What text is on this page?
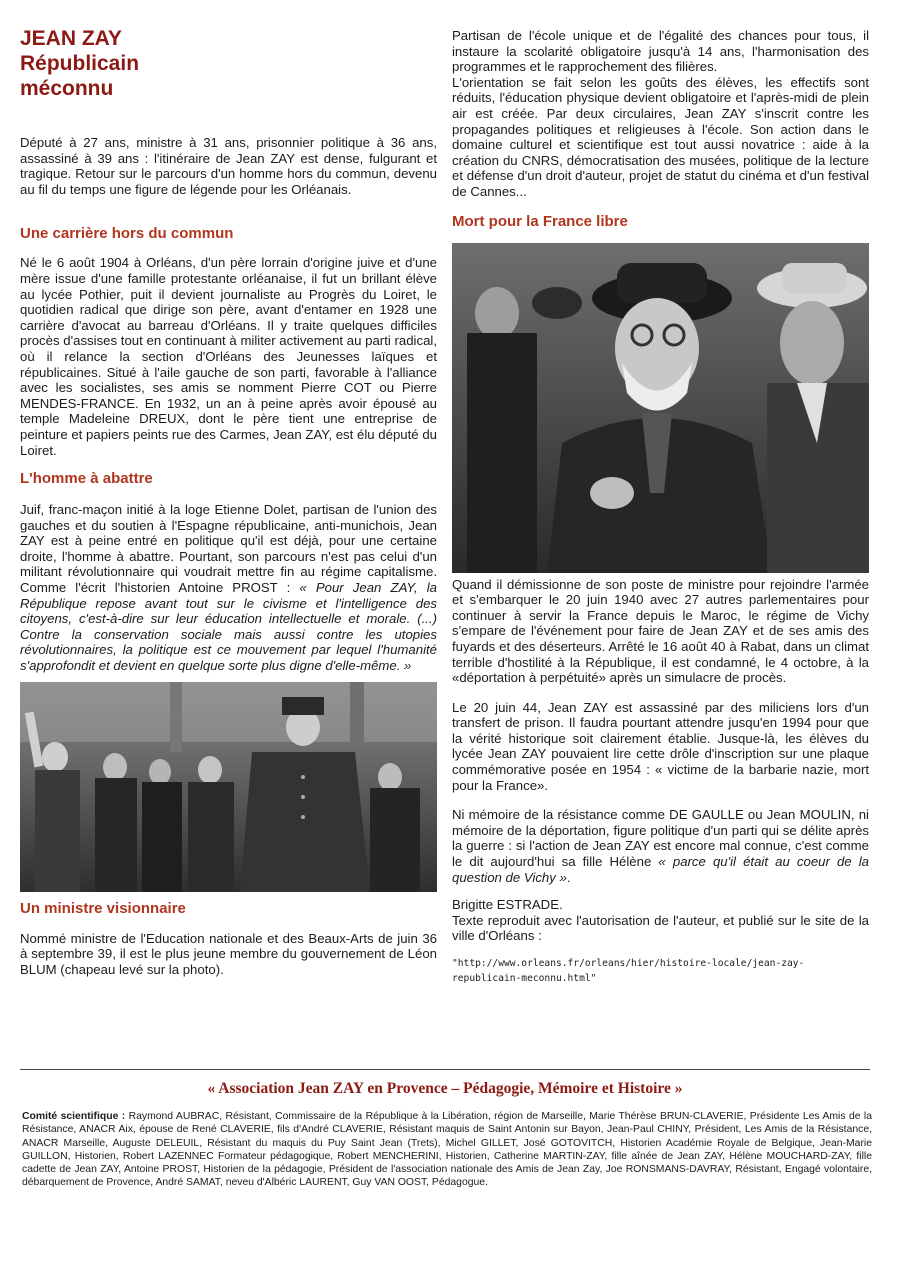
JEAN ZAY
Républicain
méconnu

Député à 27 ans, ministre à 31 ans, prisonnier politique à 36 ans, assassiné à 39 ans : l'itinéraire de Jean ZAY est dense, fulgurant et tragique. Retour sur le parcours d'un homme hors du commun, devenu au fil du temps une figure de légende pour les Orléanais.

Une carrière hors du commun

Né le 6 août 1904 à Orléans, d'un père lorrain d'origine juive et d'une mère issue d'une famille protestante orléanaise, il fut un brillant élève au lycée Pothier, puit il devient journaliste au Progrès du Loiret, le quotidien radical que dirige son père, avant d'entamer en 1928 une carrière d'avocat au barreau d'Orléans. Il y traite quelques difficiles procès d'assises tout en continuant à militer activement au parti radical, où il relance la section d'Orléans des Jeunesses laïques et républicaines. Situé à l'aile gauche de son parti, favorable à l'alliance avec les socialistes, ses amis se nomment Pierre COT ou Pierre MENDES-FRANCE. En 1932, un an à peine après avoir épousé au temple Madeleine DREUX, dont le père tient une entreprise de peinture et papiers peints rue des Carmes, Jean ZAY, est élu député du Loiret.

L'homme à abattre

Juif, franc-maçon initié à la loge Etienne Dolet, partisan de l'union des gauches et du soutien à l'Espagne républicaine, anti-munichois, Jean ZAY est à peine entré en politique qu'il est déjà, pour une certaine droite, l'homme à abattre. Pourtant, son parcours n'est pas celui d'un militant révolutionnaire qui voudrait mettre fin au régime capitalisme. Comme l'écrit l'historien Antoine PROST : « Pour Jean ZAY, la République repose avant tout sur le civisme et l'intelligence des citoyens, c'est-à-dire sur leur éducation intellectuelle et morale. (...) Contre la conservation sociale mais aussi contre les utopies révolutionnaires, la politique est ce mouvement par lequel l'humanité s'approfondit et devient en quelque sorte plus digne d'elle-même. »

Un ministre visionnaire

Nommé ministre de l'Education nationale et des Beaux-Arts de juin 36 à septembre 39, il est le plus jeune membre du gouvernement de Léon BLUM (chapeau levé sur la photo).

Partisan de l'école unique et de l'égalité des chances pour tous, il instaure la scolarité obligatoire jusqu'à 14 ans, l'harmonisation des programmes et le rapprochement des filières.

L'orientation se fait selon les goûts des élèves, les effectifs sont réduits, l'éducation physique devient obligatoire et l'après-midi de plein air est créée. Par deux circulaires, Jean ZAY s'inscrit contre les propagandes politiques et religieuses à l'école. Son action dans le domaine culturel et scientifique est tout aussi novatrice : aide à la création du CNRS, démocratisation des musées, politique de la lecture et défense d'un droit d'auteur, projet de statut du cinéma et d'un festival de Cannes...

Mort pour la France libre

Quand il démissionne de son poste de ministre pour rejoindre l'armée et s'embarquer le 20 juin 1940 avec 27 autres parlementaires pour continuer à servir la France depuis le Maroc, le régime de Vichy s'empare de l'événement pour faire de Jean ZAY et de ses amis des fuyards et des déserteurs. Arrêté le 16 août 40 à Rabat, dans un climat terrible d'hostilité à la République, il est condamné, le 4 octobre, à la «déportation à perpétuité» après un simulacre de procès.

Le 20 juin 44, Jean ZAY est assassiné par des miliciens lors d'un transfert de prison. Il faudra pourtant attendre jusqu'en 1994 pour que la vérité historique soit clairement établie. Jusque-là, les élèves du lycée Jean ZAY pouvaient lire cette drôle d'inscription sur une plaque commémorative posée en 1954 : « victime de la barbarie nazie, mort pour la France».

Ni mémoire de la résistance comme DE GAULLE ou Jean MOULIN, ni mémoire de la déportation, figure politique d'un parti qui se délite après la guerre : si l'action de Jean ZAY est encore mal connue, c'est comme le dit aujourd'hui sa fille Hélène « parce qu'il était au coeur de la question de Vichy ».

Brigitte ESTRADE.

Texte reproduit avec l'autorisation de l'auteur, et publié sur le site de la ville d'Orléans :

"http://www.orleans.fr/orleans/hier/histoire-locale/jean-zay-republicain-meconnu.html"

« Association Jean ZAY en Provence – Pédagogie, Mémoire et Histoire »
Comité scientifique : Raymond AUBRAC, Résistant, Commissaire de la République à la Libération, région de Marseille, Marie Thérèse BRUN-CLAVERIE, Présidente Les Amis de la Résistance, ANACR Aix, épouse de René CLAVERIE, fils d'André CLAVERIE, Résistant maquis de Saint Antonin sur Bayon, Jean-Paul CHINY, Président, Les Amis de la Résistance, ANACR Marseille, Auguste DELEUIL, Résistant du maquis du Puy Saint Jean (Trets), Michel GILLET, José GOTOVITCH, Historien Académie Royale de Belgique, Jean-Marie GUILLON, Historien, Robert LAZENNEC Formateur pédagogique, Robert MENCHERINI, Historien, Catherine MARTIN-ZAY, fille aînée de Jean ZAY, Hélène MOUCHARD-ZAY, fille cadette de Jean ZAY, Antoine PROST, Historien de la pédagogie, Président de l'association nationale des Amis de Jean Zay, Joe RONSMANS-DAVRAY, Résistant, Engagé volontaire, débarquement de Provence, André SAMAT, neveu d'Albéric LAURENT, Guy VAN OOST, Pédagogue.
